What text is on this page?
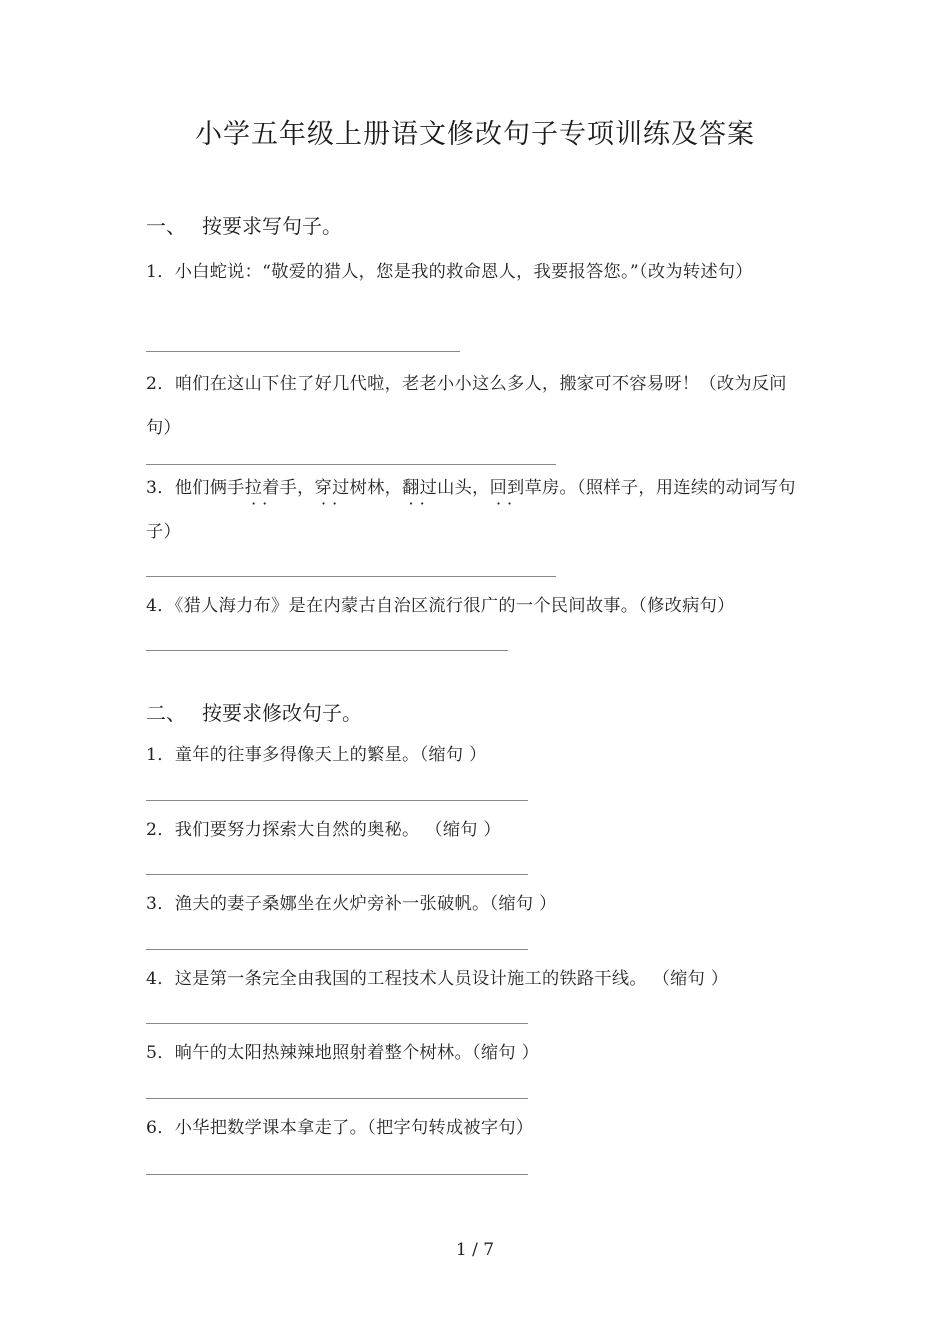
小学五年级上册语文修改句子专项训练及答案
一、 按要求写句子。
1．小白蛇说：“敬爱的猎人，您是我的救命恩人，我要报答您。”（改为转述句）
2．咱们在这山下住了好几代啦，老老小小这么多人，搬家可不容易呀！（改为反问句）
3．他们俩手拉着 ··手，穿过 ··树林，翻过 ··山头，回到 ··草房。（照样子，用连续的动词写句子）
4．《猎人海力布》是在内蒙古自治区流行很广的一个民间故事。（修改病句）
二、 按要求修改句子。
1．童年的往事多得像天上的繁星。（缩句 ）
2．我们要努力探索大自然的奥秘。 （缩句 ）
3．渔夫的妻子桑娜坐在火炉旁补一张破帆。（缩句 ）
4．这是第一条完全由我国的工程技术人员设计施工的铁路干线。 （缩句 ）
5．晌午的太阳热辣辣地照射着整个树林。（缩句 ）
6．小华把数学课本拿走了。（把字句转成被字句）
1 / 7
